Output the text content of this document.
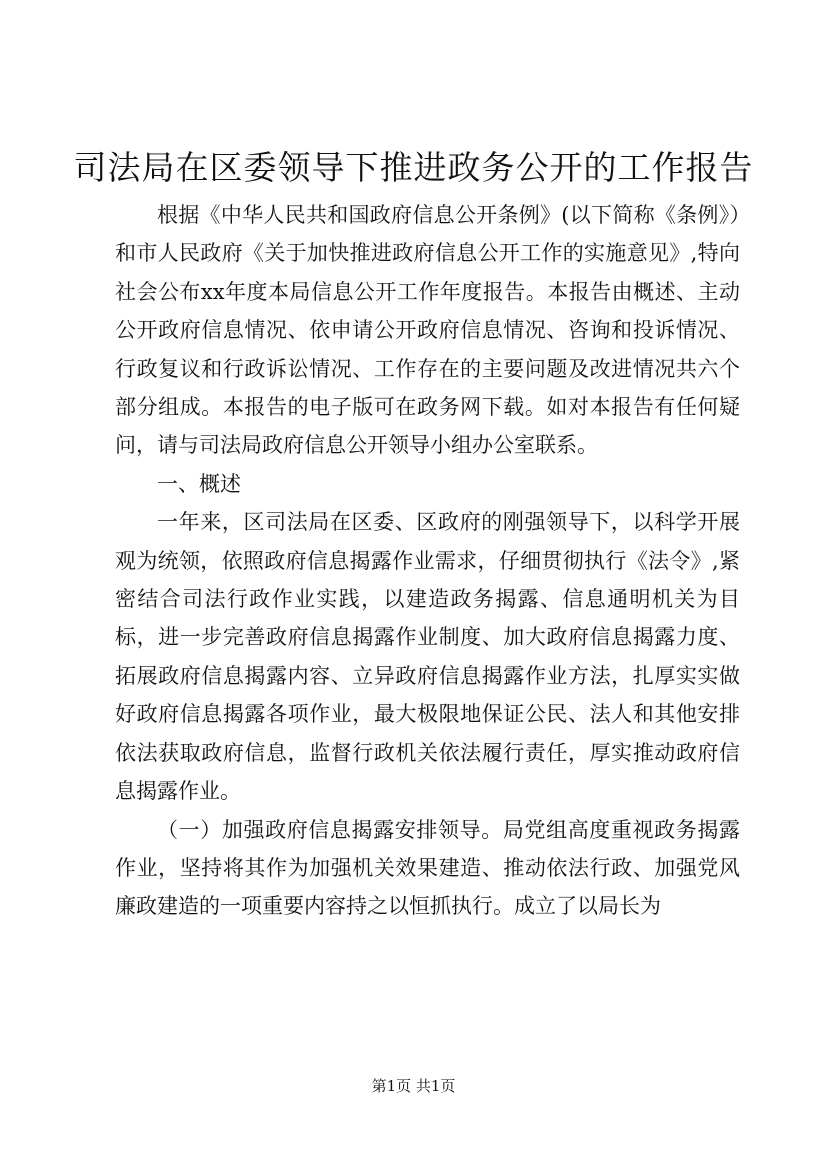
司法局在区委领导下推进政务公开的工作报告

根据《中华人民共和国政府信息公开条例》(以下简称《条例》）和市人民政府《关于加快推进政府信息公开工作的实施意见》,特向社会公布xx年度本局信息公开工作年度报告。本报告由概述、主动公开政府信息情况、依申请公开政府信息情况、咨询和投诉情况、行政复议和行政诉讼情况、工作存在的主要问题及改进情况共六个部分组成。本报告的电子版可在政务网下载。如对本报告有任何疑问，请与司法局政府信息公开领导小组办公室联系。

一、概述

一年来，区司法局在区委、区政府的刚强领导下，以科学开展观为统领，依照政府信息揭露作业需求，仔细贯彻执行《法令》,紧密结合司法行政作业实践，以建造政务揭露、信息通明机关为目标，进一步完善政府信息揭露作业制度、加大政府信息揭露力度、拓展政府信息揭露内容、立异政府信息揭露作业方法，扎厚实实做好政府信息揭露各项作业，最大极限地保证公民、法人和其他安排依法获取政府信息，监督行政机关依法履行责任，厚实推动政府信息揭露作业。

（一）加强政府信息揭露安排领导。局党组高度重视政务揭露作业，坚持将其作为加强机关效果建造、推动依法行政、加强党风廉政建造的一项重要内容持之以恒抓执行。成立了以局长为

第1页 共1页
